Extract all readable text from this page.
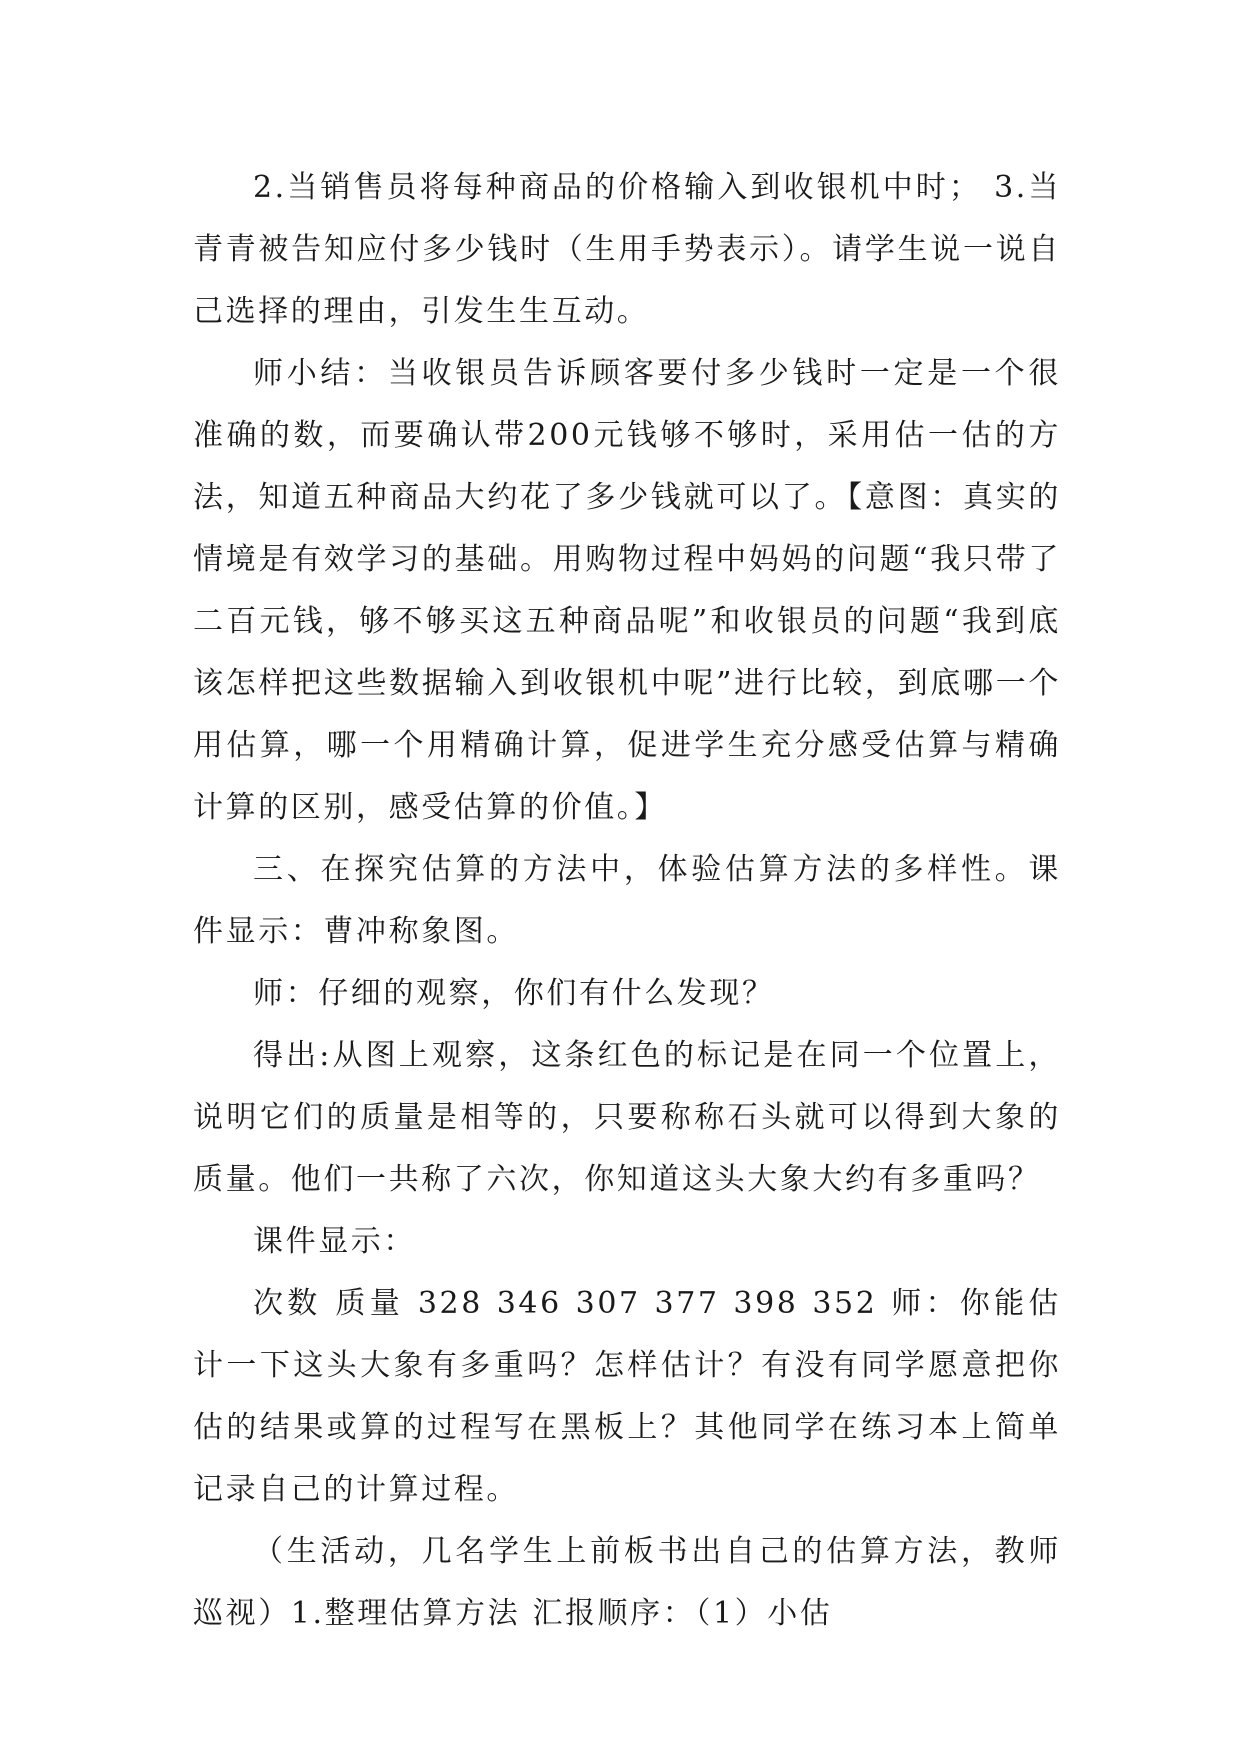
2.当销售员将每种商品的价格输入到收银机中时； 3.当青青被告知应付多少钱时（生用手势表示）。请学生说一说自己选择的理由，引发生生互动。

师小结：当收银员告诉顾客要付多少钱时一定是一个很准确的数，而要确认带200元钱够不够时，采用估一估的方法，知道五种商品大约花了多少钱就可以了。【意图：真实的情境是有效学习的基础。用购物过程中妈妈的问题“我只带了二百元钱，够不够买这五种商品呢”和收银员的问题“我到底该怎样把这些数据输入到收银机中呢”进行比较，到底哪一个用估算，哪一个用精确计算，促进学生充分感受估算与精确计算的区别，感受估算的价值。】

三、在探究估算的方法中，体验估算方法的多样性。课件显示：曹冲称象图。

师：仔细的观察，你们有什么发现？

得出:从图上观察，这条红色的标记是在同一个位置上，说明它们的质量是相等的，只要称称石头就可以得到大象的质量。他们一共称了六次，你知道这头大象大约有多重吗？

课件显示：

次数 质量 328 346 307 377 398 352 师：你能估计一下这头大象有多重吗？怎样估计？有没有同学愿意把你估的结果或算的过程写在黑板上？其他同学在练习本上简单记录自己的计算过程。

（生活动，几名学生上前板书出自己的估算方法，教师巡视）1.整理估算方法 汇报顺序：（1）小估
